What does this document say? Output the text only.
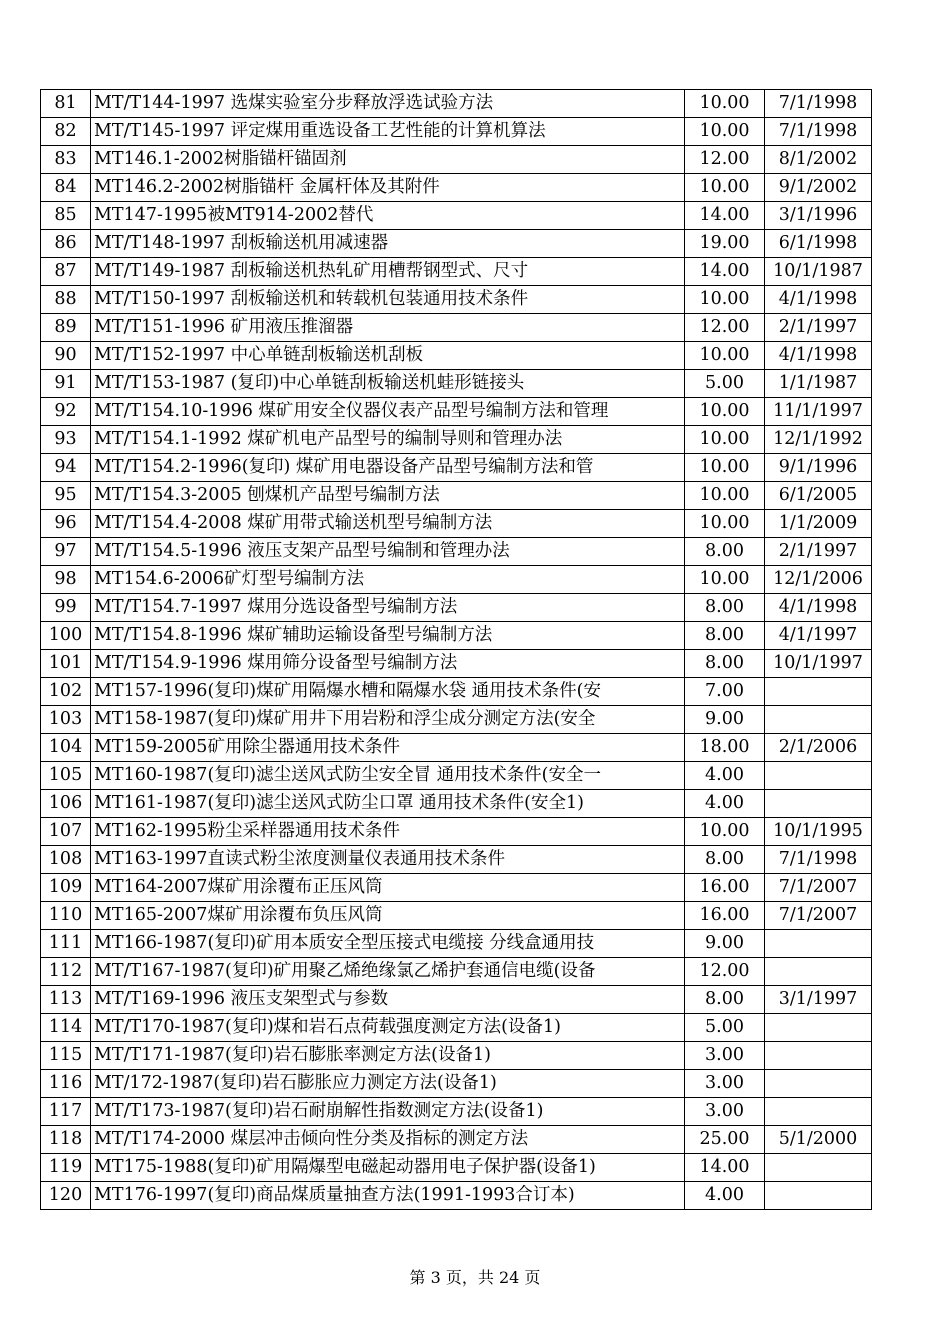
81	MT/T144-1997 选煤实验室分步释放浮选试验方法	10.00	7/1/1998
82	MT/T145-1997 评定煤用重选设备工艺性能的计算机算法	10.00	7/1/1998
83	MT146.1-2002树脂锚杆锚固剂	12.00	8/1/2002
84	MT146.2-2002树脂锚杆 金属杆体及其附件	10.00	9/1/2002
85	MT147-1995被MT914-2002替代	14.00	3/1/1996
86	MT/T148-1997 刮板输送机用减速器	19.00	6/1/1998
87	MT/T149-1987 刮板输送机热轧矿用槽帮钢型式、尺寸	14.00	10/1/1987
88	MT/T150-1997 刮板输送机和转载机包装通用技术条件	10.00	4/1/1998
89	MT/T151-1996 矿用液压推溜器	12.00	2/1/1997
90	MT/T152-1997 中心单链刮板输送机刮板	10.00	4/1/1998
91	MT/T153-1987 (复印)中心单链刮板输送机蛙形链接头	5.00	1/1/1987
92	MT/T154.10-1996 煤矿用安全仪器仪表产品型号编制方法和管理	10.00	11/1/1997
93	MT/T154.1-1992 煤矿机电产品型号的编制导则和管理办法	10.00	12/1/1992
94	MT/T154.2-1996(复印) 煤矿用电器设备产品型号编制方法和管	10.00	9/1/1996
95	MT/T154.3-2005 刨煤机产品型号编制方法	10.00	6/1/2005
96	MT/T154.4-2008 煤矿用带式输送机型号编制方法	10.00	1/1/2009
97	MT/T154.5-1996 液压支架产品型号编制和管理办法	8.00	2/1/1997
98	MT154.6-2006矿灯型号编制方法	10.00	12/1/2006
99	MT/T154.7-1997 煤用分选设备型号编制方法	8.00	4/1/1998
100	MT/T154.8-1996 煤矿辅助运输设备型号编制方法	8.00	4/1/1997
101	MT/T154.9-1996 煤用筛分设备型号编制方法	8.00	10/1/1997
102	MT157-1996(复印)煤矿用隔爆水槽和隔爆水袋 通用技术条件(安	7.00	
103	MT158-1987(复印)煤矿用井下用岩粉和浮尘成分测定方法(安全	9.00	
104	MT159-2005矿用除尘器通用技术条件	18.00	2/1/2006
105	MT160-1987(复印)滤尘送风式防尘安全冒 通用技术条件(安全一	4.00	
106	MT161-1987(复印)滤尘送风式防尘口罩 通用技术条件(安全1)	4.00	
107	MT162-1995粉尘采样器通用技术条件	10.00	10/1/1995
108	MT163-1997直读式粉尘浓度测量仪表通用技术条件	8.00	7/1/1998
109	MT164-2007煤矿用涂覆布正压风筒	16.00	7/1/2007
110	MT165-2007煤矿用涂覆布负压风筒	16.00	7/1/2007
111	MT166-1987(复印)矿用本质安全型压接式电缆接 分线盒通用技	9.00	
112	MT/T167-1987(复印)矿用聚乙烯绝缘氯乙烯护套通信电缆(设备	12.00	
113	MT/T169-1996 液压支架型式与参数	8.00	3/1/1997
114	MT/T170-1987(复印)煤和岩石点荷载强度测定方法(设备1)	5.00	
115	MT/T171-1987(复印)岩石膨胀率测定方法(设备1)	3.00	
116	MT/172-1987(复印)岩石膨胀应力测定方法(设备1)	3.00	
117	MT/T173-1987(复印)岩石耐崩解性指数测定方法(设备1)	3.00	
118	MT/T174-2000 煤层冲击倾向性分类及指标的测定方法	25.00	5/1/2000
119	MT175-1988(复印)矿用隔爆型电磁起动器用电子保护器(设备1)	14.00	
120	MT176-1997(复印)商品煤质量抽查方法(1991-1993合订本)	4.00	
第 3 页，共 24 页
